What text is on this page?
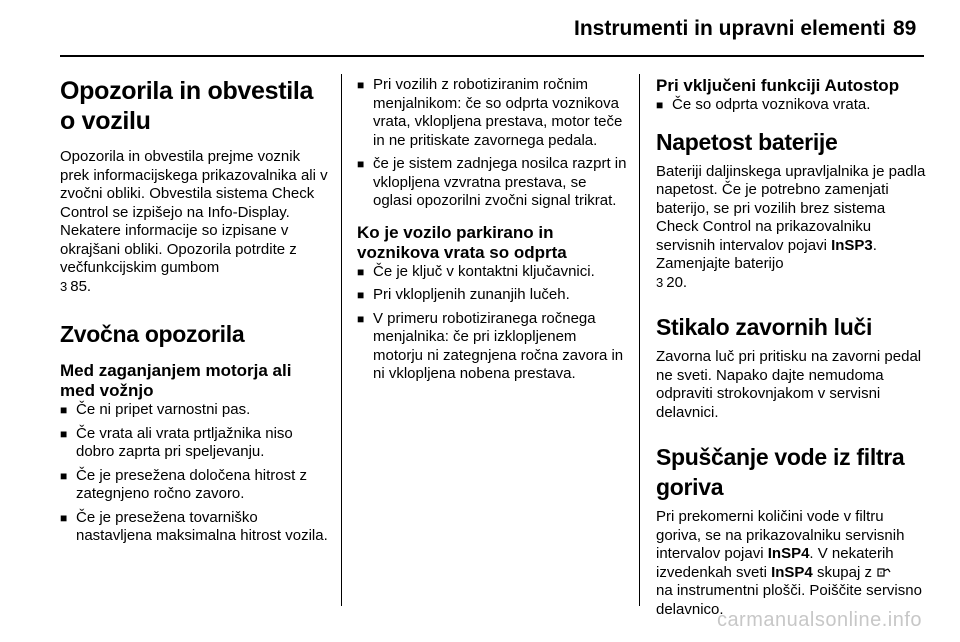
Instrumenti in upravni elementi 89
Opozorila in obvestila o vozilu

Opozorila in obvestila prejme voznik prek informacijskega prikazovalnika ali v zvočni obliki. Obvestila sistema Check Control se izpišejo na Info-Display. Nekatere informacije so izpisane v okrajšani obliki. Opozorila potrdite z večfunkcijskim gumbom
3 85.

Zvočna opozorila
Med zaganjanjem motorja ali med vožnjo
■ Če ni pripet varnostni pas.
■ Če vrata ali vrata prtljažnika niso dobro zaprta pri speljevanju.
■ Če je presežena določena hitrost z zategnjeno ročno zavoro.
■ Če je presežena tovarniško nastavljena maksimalna hitrost vozila.
■ Pri vozilih z robotiziranim ročnim menjalnikom: če so odprta voznikova vrata, vklopljena prestava, motor teče in ne pritiskate zavornega pedala.
■ če je sistem zadnjega nosilca razprt in vklopljena vzvratna prestava, se oglasi opozorilni zvočni signal trikrat.
Ko je vozilo parkirano in voznikova vrata so odprta
■ Če je ključ v kontaktni ključavnici.
■ Pri vklopljenih zunanjih lučeh.
■ V primeru robotiziranega ročnega menjalnika: če pri izklopljenem motorju ni zategnjena ročna zavora in ni vklopljena nobena prestava.
Pri vključeni funkciji Autostop
■ Če so odprta voznikova vrata.
Napetost baterije

Bateriji daljinskega upravljalnika je padla napetost. Če je potrebno zamenjati baterijo, se pri vozilih brez sistema Check Control na prikazovalniku servisnih intervalov pojavi InSP3. Zamenjajte baterijo
3 20.

Stikalo zavornih luči

Zavorna luč pri pritisku na zavorni pedal ne sveti. Napako dajte nemudoma odpraviti strokovnjakom v servisni delavnici.

Spuščanje vode iz filtra goriva

Pri prekomerni količini vode v filtru goriva, se na prikazovalniku servisnih intervalov pojavi InSP4. V nekaterih izvedenkah sveti InSP4 skupaj z
na instrumentni plošči. Poiščite servisno delavnico.

carmanualsonline.info
